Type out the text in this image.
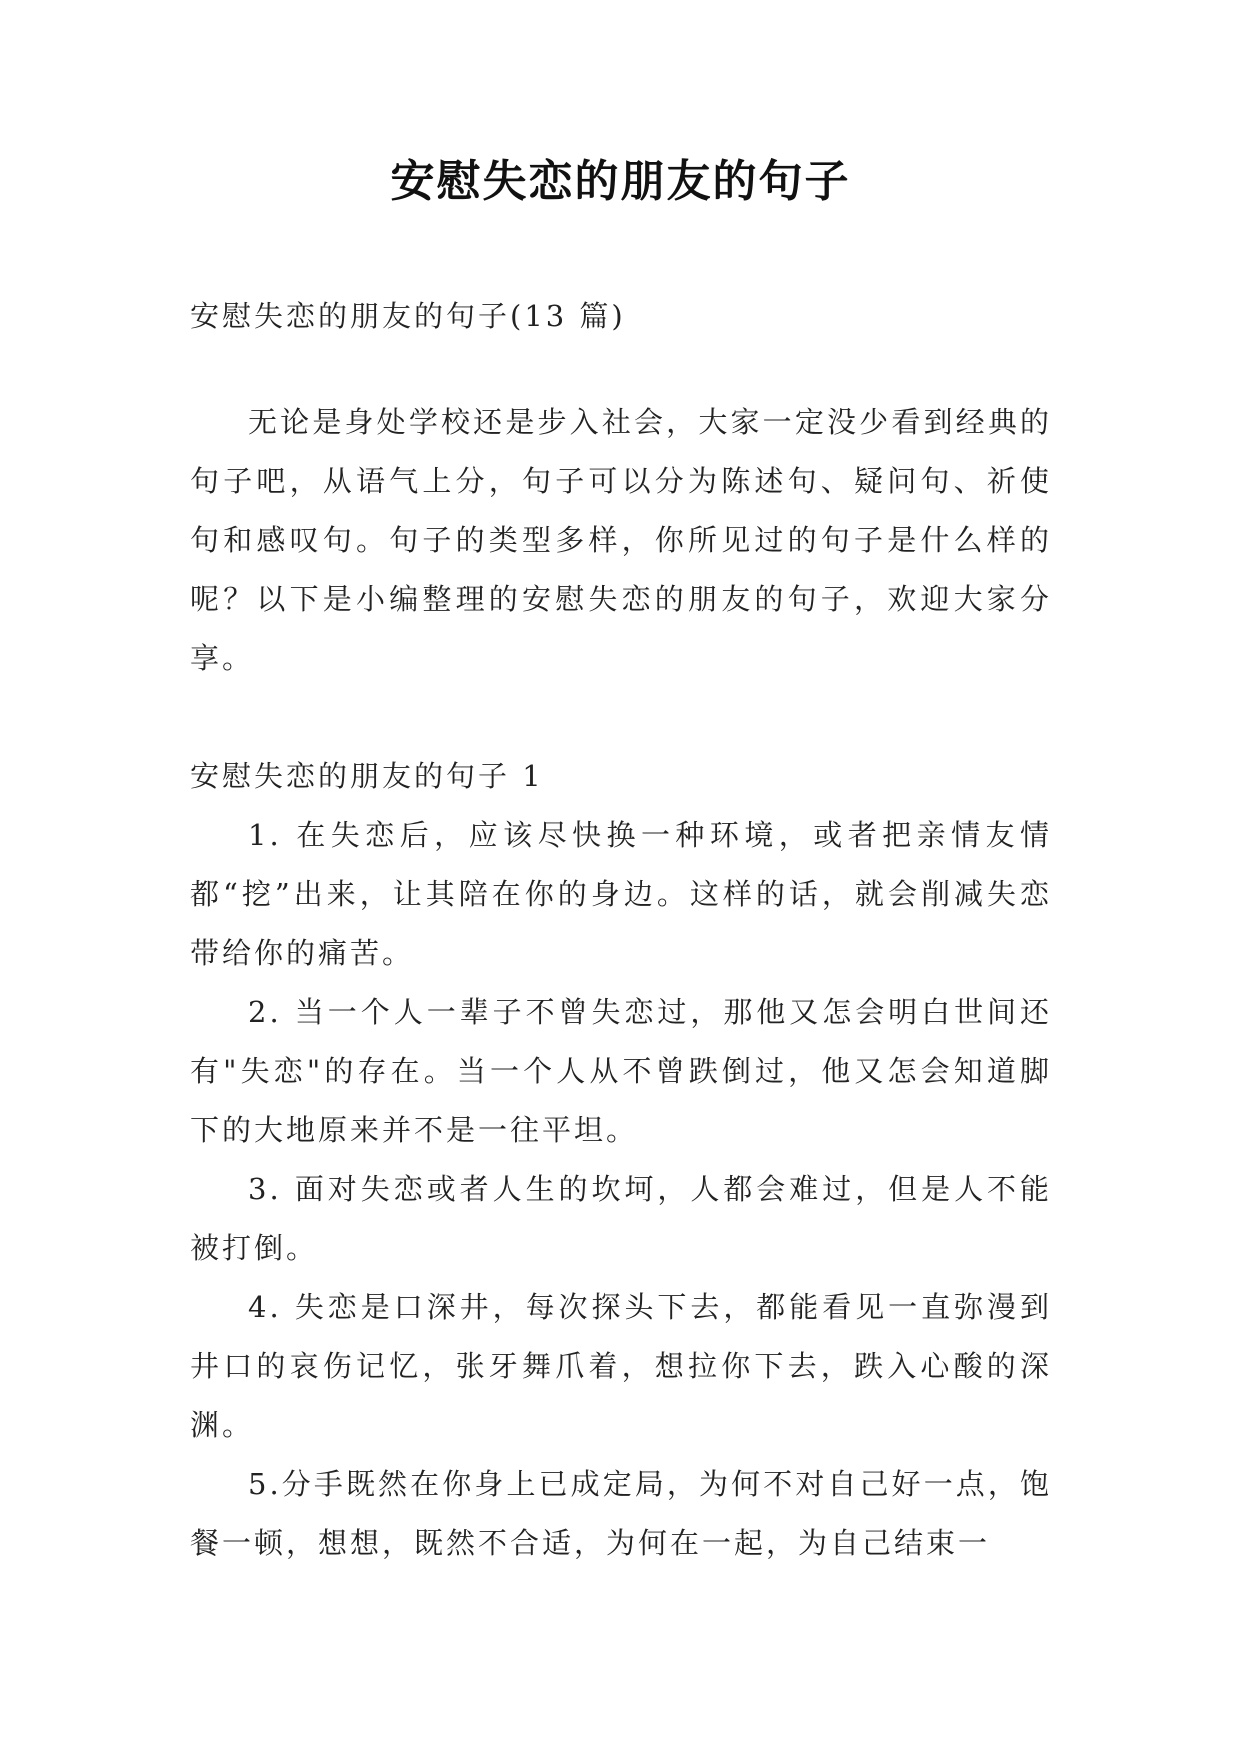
安慰失恋的朋友的句子

安慰失恋的朋友的句子(13 篇)

无论是身处学校还是步入社会，大家一定没少看到经典的句子吧，从语气上分，句子可以分为陈述句、疑问句、祈使句和感叹句。句子的类型多样，你所见过的句子是什么样的呢？以下是小编整理的安慰失恋的朋友的句子，欢迎大家分享。

安慰失恋的朋友的句子 1

1. 在失恋后，应该尽快换一种环境，或者把亲情友情都“挖”出来，让其陪在你的身边。这样的话，就会削减失恋带给你的痛苦。

2. 当一个人一辈子不曾失恋过，那他又怎会明白世间还有"失恋"的存在。当一个人从不曾跌倒过，他又怎会知道脚下的大地原来并不是一往平坦。

3. 面对失恋或者人生的坎坷，人都会难过，但是人不能被打倒。

4. 失恋是口深井，每次探头下去，都能看见一直弥漫到井口的哀伤记忆，张牙舞爪着，想拉你下去，跌入心酸的深渊。

5.分手既然在你身上已成定局，为何不对自己好一点，饱餐一顿，想想，既然不合适，为何在一起，为自己结束一
